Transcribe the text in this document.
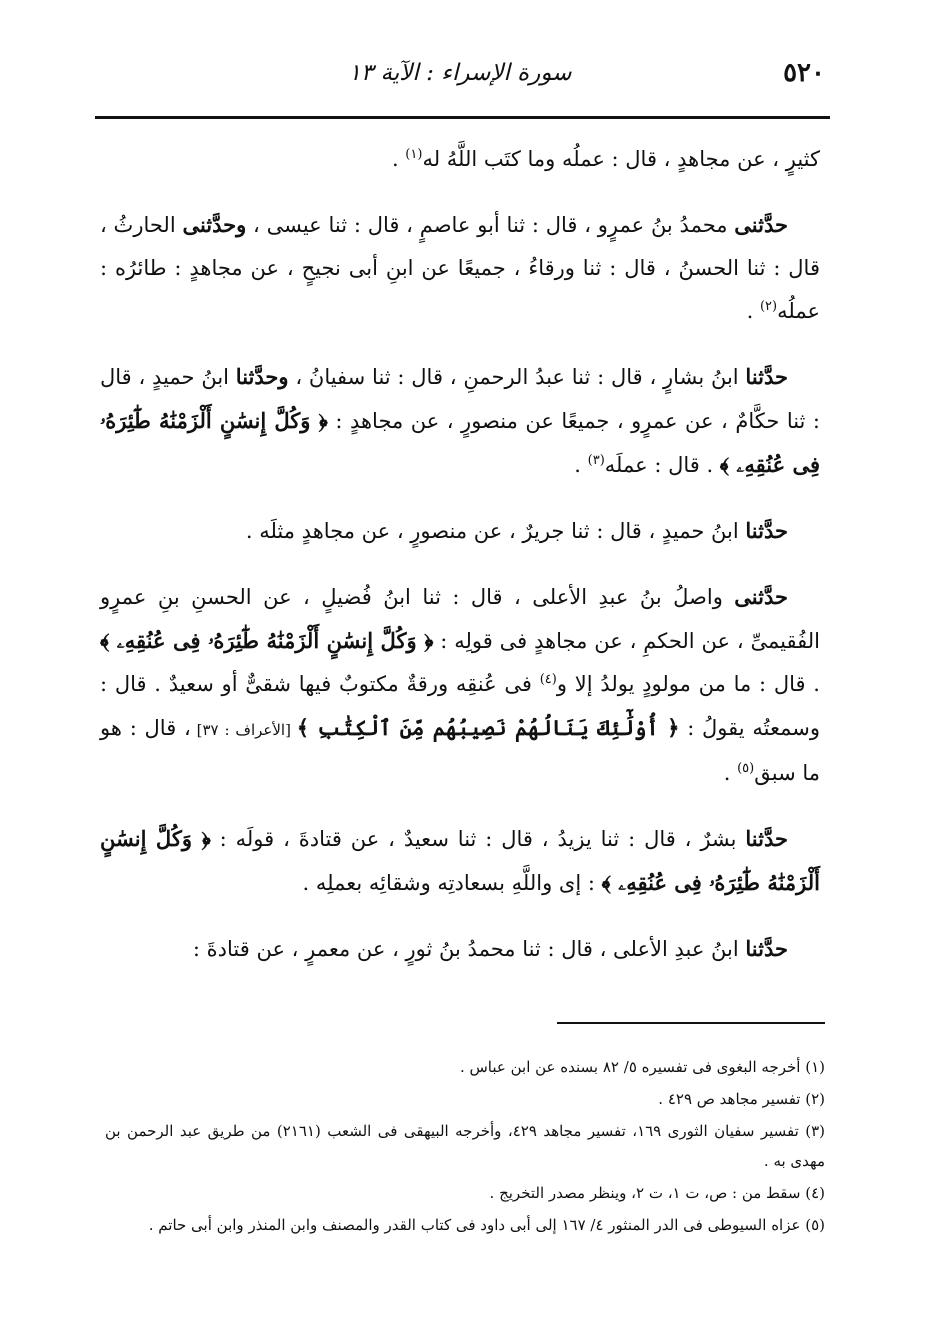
٥٢٠
سورة الإسراء : الآية ١٣

كثيرٍ ، عن مجاهدٍ ، قال : عملُه وما كتَب اللَّهُ له$^{(١)}$ .

حدَّثنى محمدُ بنُ عمرٍو ، قال : ثنا أبو عاصمٍ ، قال : ثنا عيسى ، وحدَّثنى الحارثُ ، قال : ثنا الحسنُ ، قال : ثنا ورقاءُ ، جميعًا عن ابنِ أبى نجيحٍ ، عن مجاهدٍ : طائرُه : عملُه$^{(٢)}$ .

حدَّثنا ابنُ بشارٍ ، قال : ثنا عبدُ الرحمنِ ، قال : ثنا سفيانُ ، وحدَّثنا ابنُ حميدٍ ، قال : ثنا حكَّامٌ ، عن عمرٍو ، جميعًا عن منصورٍ ، عن مجاهدٍ : ﴿ وَكُلَّ إِنسَٰنٍ أَلْزَمْنَٰهُ طَٰٓئِرَهُۥ فِى عُنُقِهِۦ ﴾ . قال : عملَه$^{(٣)}$ .

حدَّثنا ابنُ حميدٍ ، قال : ثنا جريرٌ ، عن منصورٍ ، عن مجاهدٍ مثلَه .

حدَّثنى واصلُ بنُ عبدِ الأعلى ، قال : ثنا ابنُ فُضيلٍ ، عن الحسنِ بنِ عمرٍو الفُقيمىِّ ، عن الحكمِ ، عن مجاهدٍ فى قولِه : ﴿ وَكُلَّ إِنسَٰنٍ أَلْزَمْنَٰهُ طَٰٓئِرَهُۥ فِى عُنُقِهِۦ ﴾ . قال : ما من مولودٍ يولدُ إلا و$^{(٤)}$ فى عُنقِه ورقةٌ مكتوبٌ فيها شقىٌّ أو سعيدٌ . قال : وسمعتُه يقولُ : ﴿ أُوْلَٰٓئِكَ يَنَالُهُمْ نَصِيبُهُم مِّنَ ٱلْكِتَٰبِ ﴾ [الأعراف : ٣٧] ، قال : هو ما سبق$^{(٥)}$ .

حدَّثنا بشرٌ ، قال : ثنا يزيدُ ، قال : ثنا سعيدٌ ، عن قتادةَ ، قولَه : ﴿ وَكُلَّ إِنسَٰنٍ أَلْزَمْنَٰهُ طَٰٓئِرَهُۥ فِى عُنُقِهِۦ ﴾ : إى واللَّهِ بسعادتِه وشقائِه بعملِه .

حدَّثنا ابنُ عبدِ الأعلى ، قال : ثنا محمدُ بنُ ثورٍ ، عن معمرٍ ، عن قتادةَ :

(١) أخرجه البغوى فى تفسيره ٥/ ٨٢ بسنده عن ابن عباس .
(٢) تفسير مجاهد ص ٤٢٩ .
(٣) تفسير سفيان الثورى ١٦٩، تفسير مجاهد ٤٢٩، وأخرجه البيهقى فى الشعب (٢١٦١) من طريق عبد الرحمن بن مهدى به .
(٤) سقط من : ص، ت ١، ت ٢، وينظر مصدر التخريج .
(٥) عزاه السيوطى فى الدر المنثور ٤/ ١٦٧ إلى أبى داود فى كتاب القدر والمصنف وابن المنذر وابن أبى حاتم .
